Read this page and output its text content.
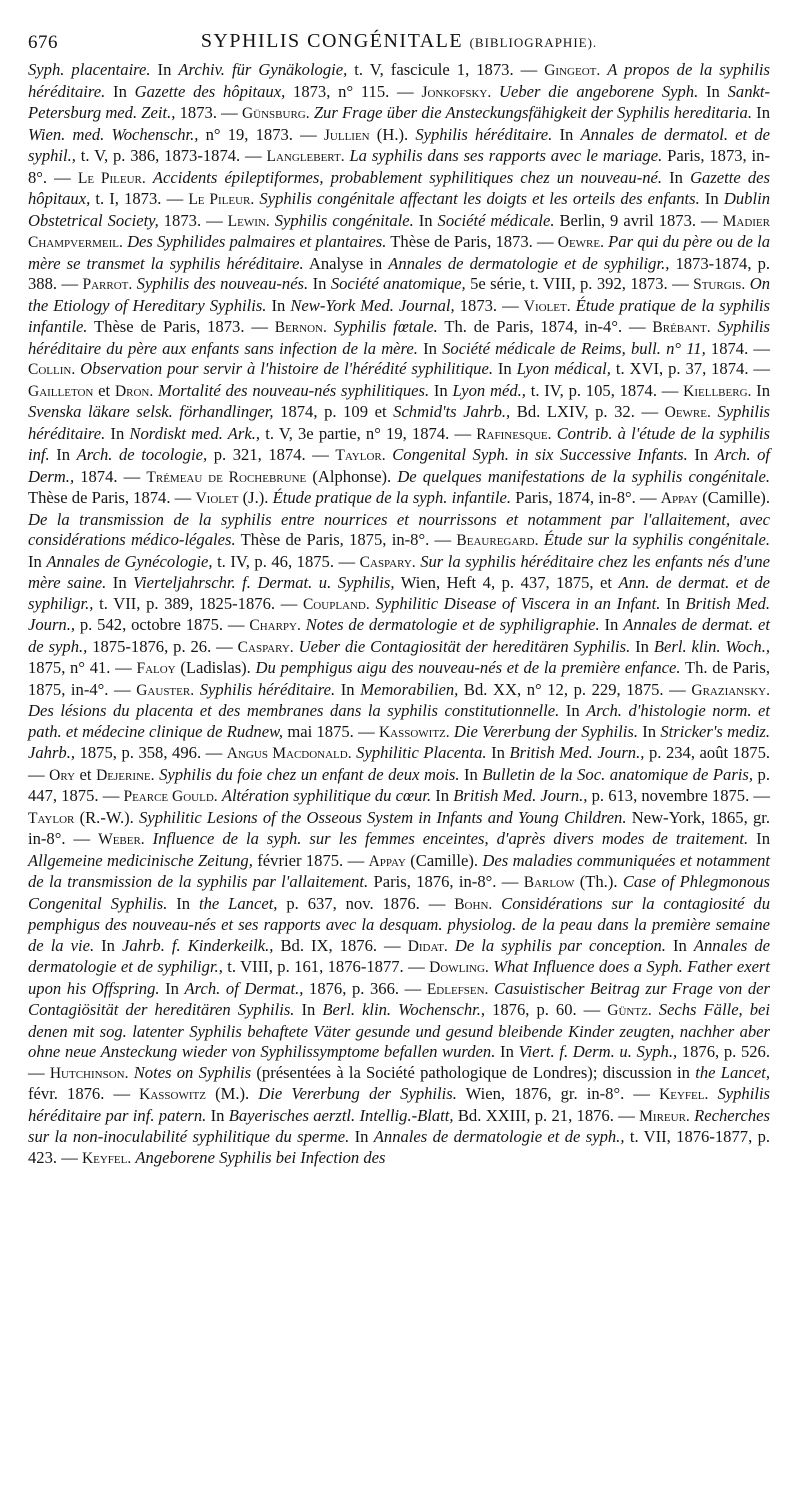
676	SYPHILIS CONGÉNITALE (BIBLIOGRAPHIE).

Syph. placentaire. In Archiv. für Gynäkologie, t. V, fascicule 1, 1873. — Gingeot. A propos de la syphilis héréditaire. In Gazette des hôpitaux, 1873, n° 115. — Jonkofsky. Ueber die angeborene Syph. In Sankt-Petersburg med. Zeit., 1873. — Günsburg. Zur Frage über die Ansteckungsfähigkeit der Syphilis hereditaria. In Wien. med. Wochenschr., n° 19, 1873. — Jullien (H.). Syphilis héréditaire. In Annales de dermatol. et de syphil., t. V, p. 386, 1873-1874. — Langlebert. La syphilis dans ses rapports avec le mariage. Paris, 1873, in-8°. — Le Pileur. Accidents épileptiformes, probablement syphilitiques chez un nouveau-né. In Gazette des hôpitaux, t. I, 1873. — Le Pileur. Syphilis congénitale affectant les doigts et les orteils des enfants. In Dublin Obstetrical Society, 1873. — Lewin. Syphilis congénitale. In Société médicale. Berlin, 9 avril 1873. — Madier Champvermeil. Des Syphilides palmaires et plantaires. Thèse de Paris, 1873. — Oewre. Par qui du père ou de la mère se transmet la syphilis héréditaire. Analyse in Annales de dermatologie et de syphiligr., 1873-1874, p. 388. — Parrot. Syphilis des nouveau-nés. In Société anatomique, 5e série, t. VIII, p. 392, 1873. — Sturgis. On the Etiology of Hereditary Syphilis. In New-York Med. Journal, 1873. — Violet. Étude pratique de la syphilis infantile. Thèse de Paris, 1873. — Bernon. Syphilis fœtale. Th. de Paris, 1874, in-4°. — Brébant. Syphilis héréditaire du père aux enfants sans infection de la mère. In Société médicale de Reims, bull. n° 11, 1874. — Collin. Observation pour servir à l'histoire de l'hérédité syphilitique. In Lyon médical, t. XVI, p. 37, 1874. — Gailleton et Dron. Mortalité des nouveau-nés syphilitiques. In Lyon méd., t. IV, p. 105, 1874. — Kiellberg. In Svenska läkare selsk. förhandlinger, 1874, p. 109 et Schmid'ts Jahrb., Bd. LXIV, p. 32. — Oewre. Syphilis héréditaire. In Nordiskt med. Ark., t. V, 3e partie, n° 19, 1874. — Rafinesque. Contrib. à l'étude de la syphilis inf. In Arch. de tocologie, p. 321, 1874. — Taylor. Congenital Syph. in six Successive Infants. In Arch. of Derm., 1874. — Trémeau de Rochebrune (Alphonse). De quelques manifestations de la syphilis congénitale. Thèse de Paris, 1874. — Violet (J.). Étude pratique de la syph. infantile. Paris, 1874, in-8°. — Appay (Camille). De la transmission de la syphilis entre nourrices et nourrissons et notamment par l'allaitement, avec considérations médico-légales. Thèse de Paris, 1875, in-8°. — Beauregard. Étude sur la syphilis congénitale. In Annales de Gynécologie, t. IV, p. 46, 1875. — Caspary. Sur la syphilis héréditaire chez les enfants nés d'une mère saine. In Vierteljahrschr. f. Dermat. u. Syphilis, Wien, Heft 4, p. 437, 1875, et Ann. de dermat. et de syphiligr., t. VII, p. 389, 1825-1876. — Coupland. Syphilitic Disease of Viscera in an Infant. In British Med. Journ., p. 542, octobre 1875. — Charpy. Notes de dermatologie et de syphiligraphie. In Annales de dermat. et de syph., 1875-1876, p. 26. — Caspary. Ueber die Contagiosität der hereditären Syphilis. In Berl. klin. Woch., 1875, n° 41. — Faloy (Ladislas). Du pemphigus aigu des nouveau-nés et de la première enfance. Th. de Paris, 1875, in-4°. — Gauster. Syphilis héréditaire. In Memorabilien, Bd. XX, n° 12, p. 229, 1875. — Graziansky. Des lésions du placenta et des membranes dans la syphilis constitutionnelle. In Arch. d'histologie norm. et path. et médecine clinique de Rudnew, mai 1875. — Kassowitz. Die Vererbung der Syphilis. In Stricker's mediz. Jahrb., 1875, p. 358, 496. — Angus Macdonald. Syphilitic Placenta. In British Med. Journ., p. 234, août 1875. — Ory et Dejerine. Syphilis du foie chez un enfant de deux mois. In Bulletin de la Soc. anatomique de Paris, p. 447, 1875. — Pearce Gould. Altération syphilitique du cœur. In British Med. Journ., p. 613, novembre 1875. — Taylor (R.-W.). Syphilitic Lesions of the Osseous System in Infants and Young Children. New-York, 1865, gr. in-8°. — Weber. Influence de la syph. sur les femmes enceintes, d'après divers modes de traitement. In Allgemeine medicinische Zeitung, février 1875. — Appay (Camille). Des maladies communiquées et notamment de la transmission de la syphilis par l'allaitement. Paris, 1876, in-8°. — Barlow (Th.). Case of Phlegmonous Congenital Syphilis. In the Lancet, p. 637, nov. 1876. — Bohn. Considérations sur la contagiosité du pemphigus des nouveau-nés et ses rapports avec la desquam. physiolog. de la peau dans la première semaine de la vie. In Jahrb. f. Kinderkeilk., Bd. IX, 1876. — Didat. De la syphilis par conception. In Annales de dermatologie et de syphiligr., t. VIII, p. 161, 1876-1877. — Dowling. What Influence does a Syph. Father exert upon his Offspring. In Arch. of Dermat., 1876, p. 366. — Edlefsen. Casuistischer Beitrag zur Frage von der Contagiösität der hereditären Syphilis. In Berl. klin. Wochenschr., 1876, p. 60. — Güntz. Sechs Fälle, bei denen mit sog. latenter Syphilis behaftete Väter gesunde und gesund bleibende Kinder zeugten, nachher aber ohne neue Ansteckung wieder von Syphilissymptome befallen wurden. In Viert. f. Derm. u. Syph., 1876, p. 526. — Hutchinson. Notes on Syphilis (présentées à la Société pathologique de Londres); discussion in the Lancet, févr. 1876. — Kassowitz (M.). Die Vererbung der Syphilis. Wien, 1876, gr. in-8°. — Keyfel. Syphilis héréditaire par inf. patern. In Bayerisches aerztl. Intellig.-Blatt, Bd. XXIII, p. 21, 1876. — Mireur. Recherches sur la non-inoculabilité syphilitique du sperme. In Annales de dermatologie et de syph., t. VII, 1876-1877, p. 423. — Keyfel. Angeborene Syphilis bei Infection des
